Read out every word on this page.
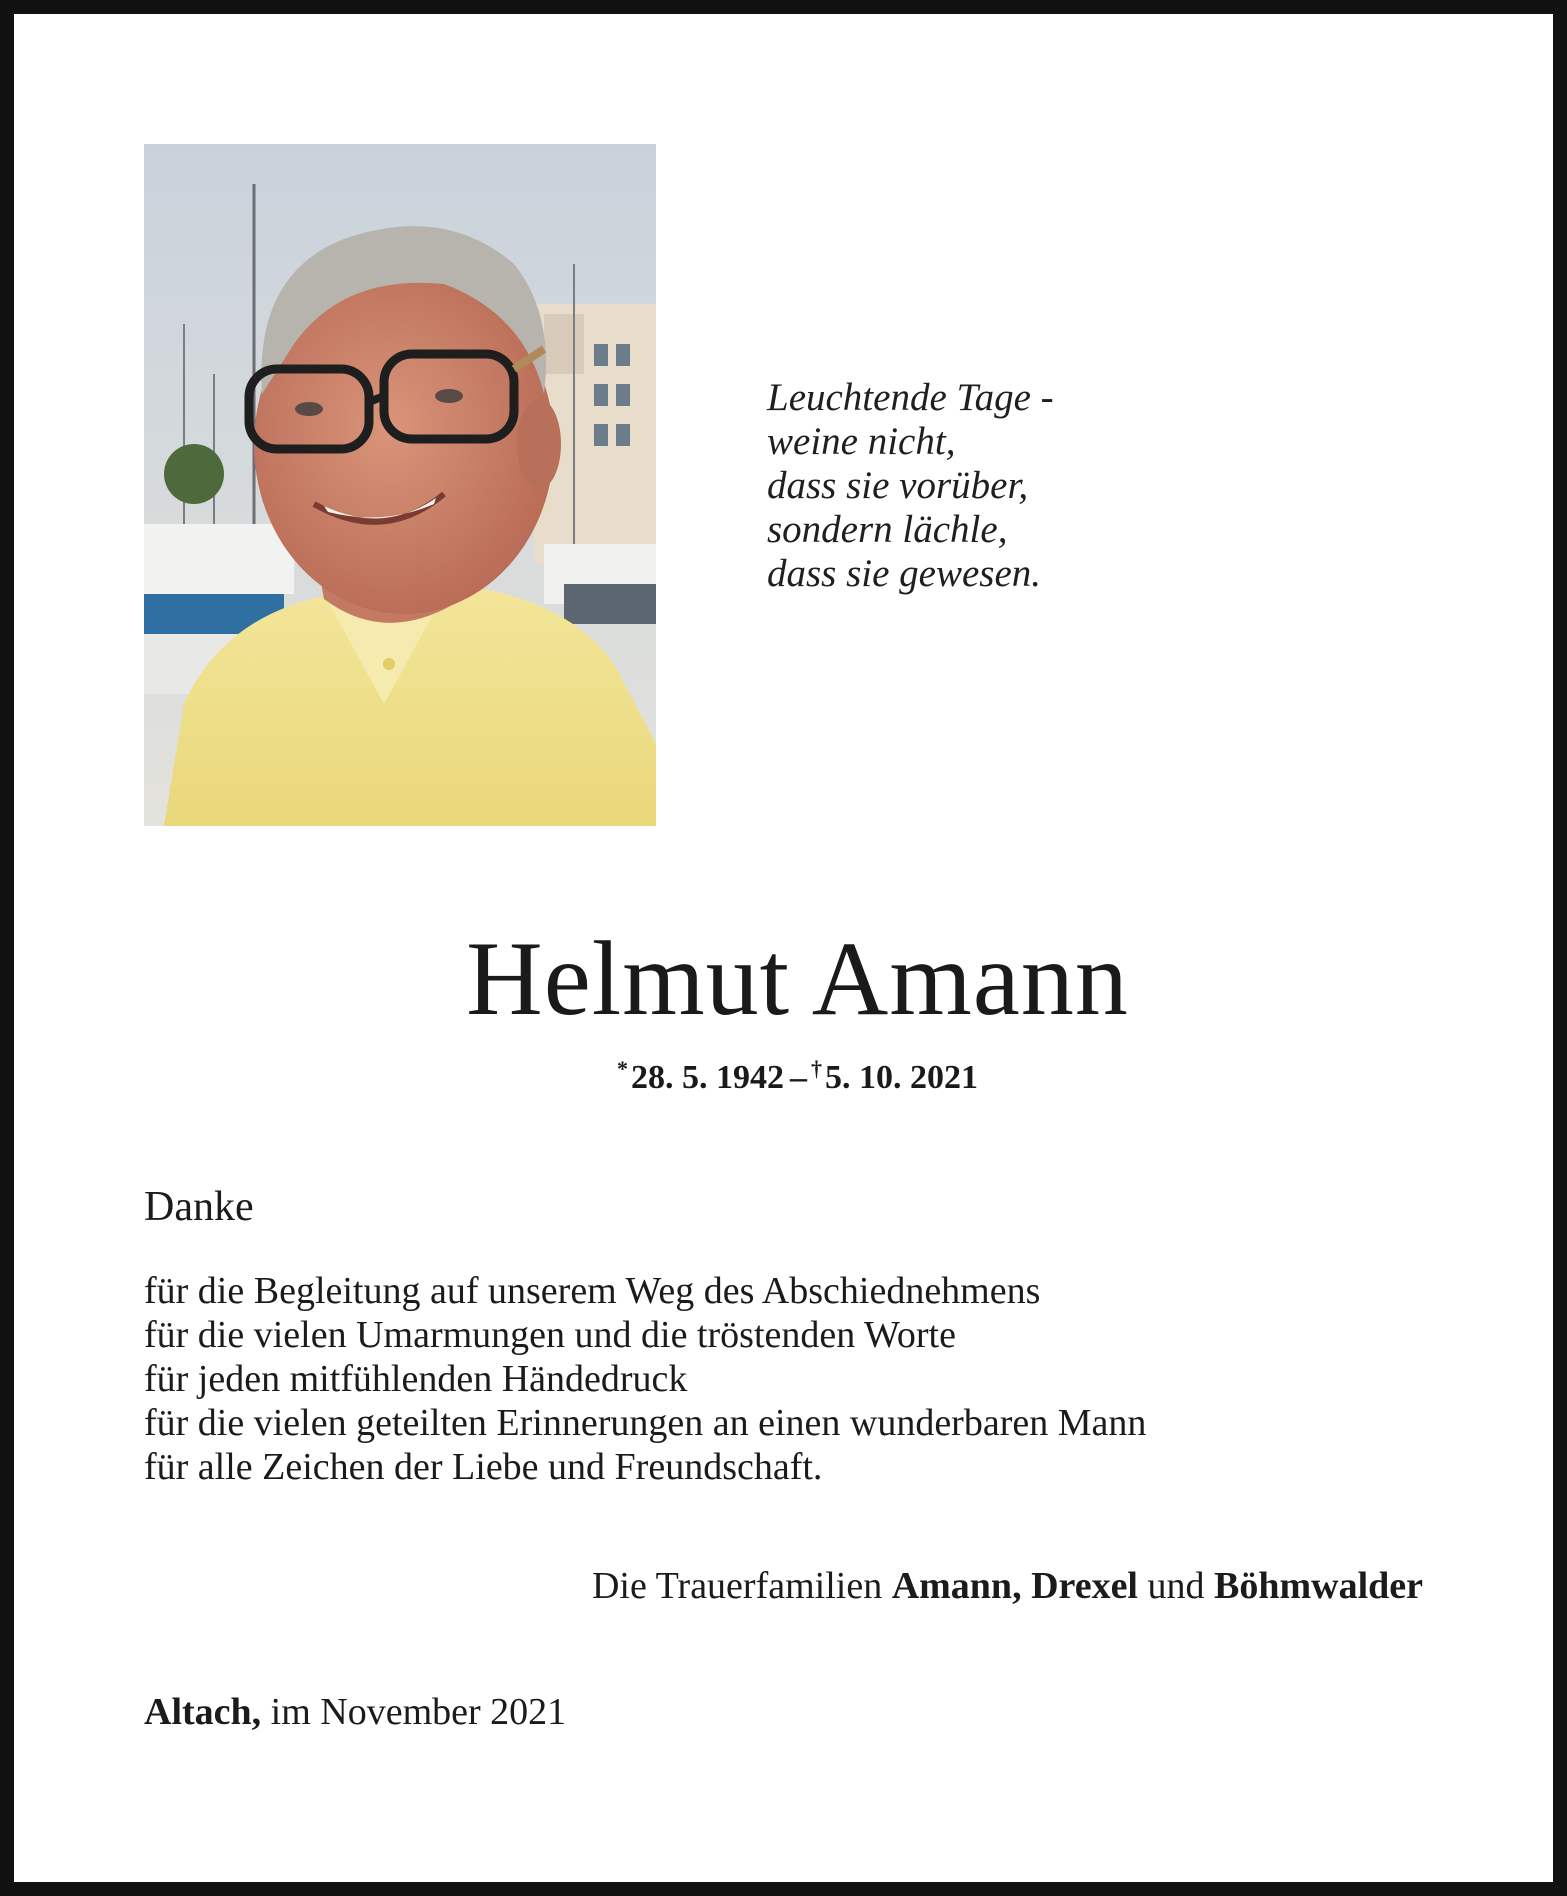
Leuchtende Tage -
weine nicht,
dass sie vorüber,
sondern lächle,
dass sie gewesen.
Helmut Amann
*28. 5. 1942 – †5. 10. 2021
Danke
für die Begleitung auf unserem Weg des Abschiednehmens
für die vielen Umarmungen und die tröstenden Worte
für jeden mitfühlenden Händedruck
für die vielen geteilten Erinnerungen an einen wunderbaren Mann
für alle Zeichen der Liebe und Freundschaft.
Die Trauerfamilien Amann, Drexel und Böhmwalder
Altach, im November 2021
